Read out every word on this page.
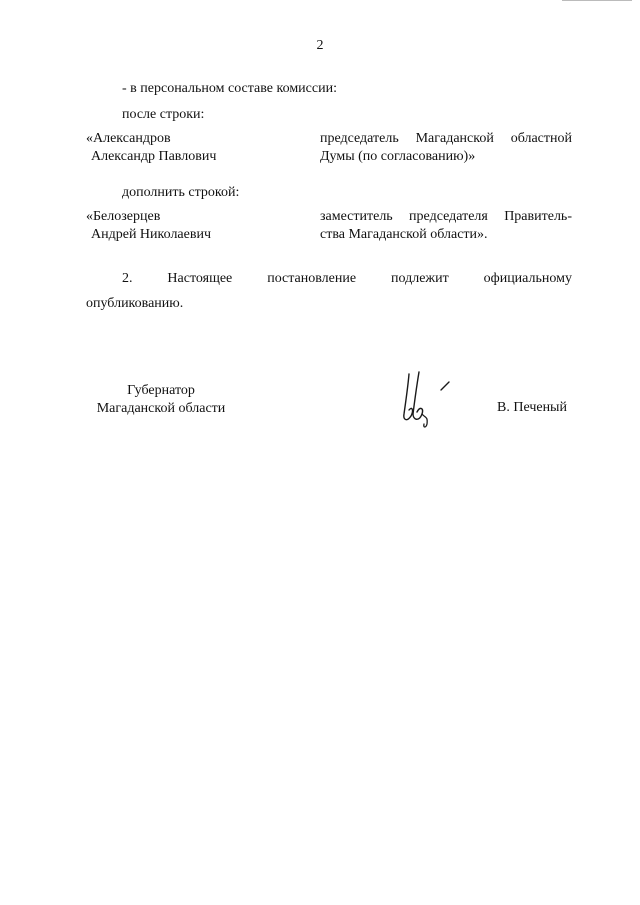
2
- в персональном составе комиссии:
после строки:
«Александров
Александр Павлович
председатель Магаданской областной
Думы (по согласованию)»
дополнить строкой:
«Белозерцев
Андрей Николаевич
заместитель председателя Правитель-
ства Магаданской области».
2. Настоящее постановление подлежит официальному
опубликованию.
Губернатор
Магаданской области	В. Печеный
